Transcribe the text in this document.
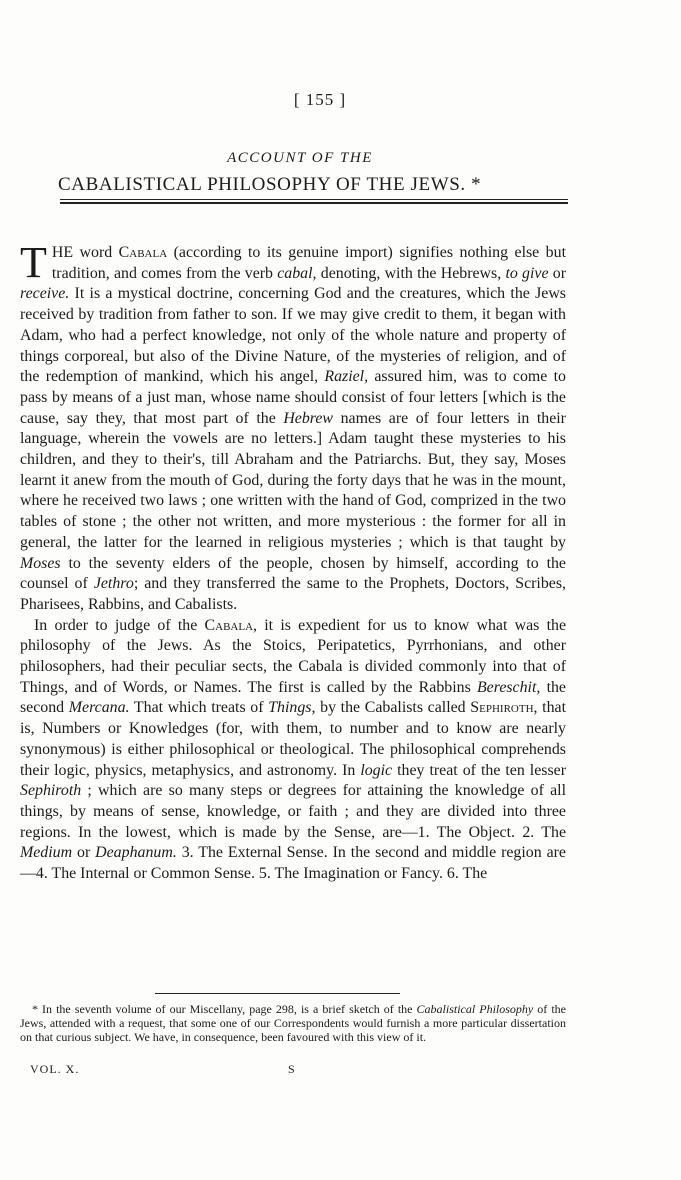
[ 155 ]
ACCOUNT OF THE
CABALISTICAL PHILOSOPHY OF THE JEWS. *

THE word Cabala (according to its genuine import) signifies nothing else but tradition, and comes from the verb cabal, denoting, with the Hebrews, to give or receive. It is a mystical doctrine, concerning God and the creatures, which the Jews received by tradition from father to son. If we may give credit to them, it began with Adam, who had a perfect knowledge, not only of the whole nature and property of things corporeal, but also of the Divine Nature, of the mysteries of religion, and of the redemption of mankind, which his angel, Raziel, assured him, was to come to pass by means of a just man, whose name should consist of four letters [which is the cause, say they, that most part of the Hebrew names are of four letters in their language, wherein the vowels are no letters.] Adam taught these mysteries to his children, and they to their's, till Abraham and the Patriarchs. But, they say, Moses learnt it anew from the mouth of God, during the forty days that he was in the mount, where he received two laws ; one written with the hand of God, comprized in the two tables of stone ; the other not written, and more mysterious : the former for all in general, the latter for the learned in religious mysteries ; which is that taught by Moses to the seventy elders of the people, chosen by himself, according to the counsel of Jethro; and they transferred the same to the Prophets, Doctors, Scribes, Pharisees, Rabbins, and Cabalists.

In order to judge of the Cabala, it is expedient for us to know what was the philosophy of the Jews. As the Stoics, Peripatetics, Pyrrhonians, and other philosophers, had their peculiar sects, the Cabala is divided commonly into that of Things, and of Words, or Names. The first is called by the Rabbins Bereschit, the second Mercana. That which treats of Things, by the Cabalists called Sephiroth, that is, Numbers or Knowledges (for, with them, to number and to know are nearly synonymous) is either philosophical or theological. The philosophical comprehends their logic, physics, metaphysics, and astronomy. In logic they treat of the ten lesser Sephiroth ; which are so many steps or degrees for attaining the knowledge of all things, by means of sense, knowledge, or faith ; and they are divided into three regions. In the lowest, which is made by the Sense, are—1. The Object. 2. The Medium or Deaphanum. 3. The External Sense. In the second and middle region are—4. The Internal or Common Sense. 5. The Imagination or Fancy. 6. The

* In the seventh volume of our Miscellany, page 298, is a brief sketch of the Cabalistical Philosophy of the Jews, attended with a request, that some one of our Correspondents would furnish a more particular dissertation on that curious subject. We have, in consequence, been favoured with this view of it.

VOL. X.	S
